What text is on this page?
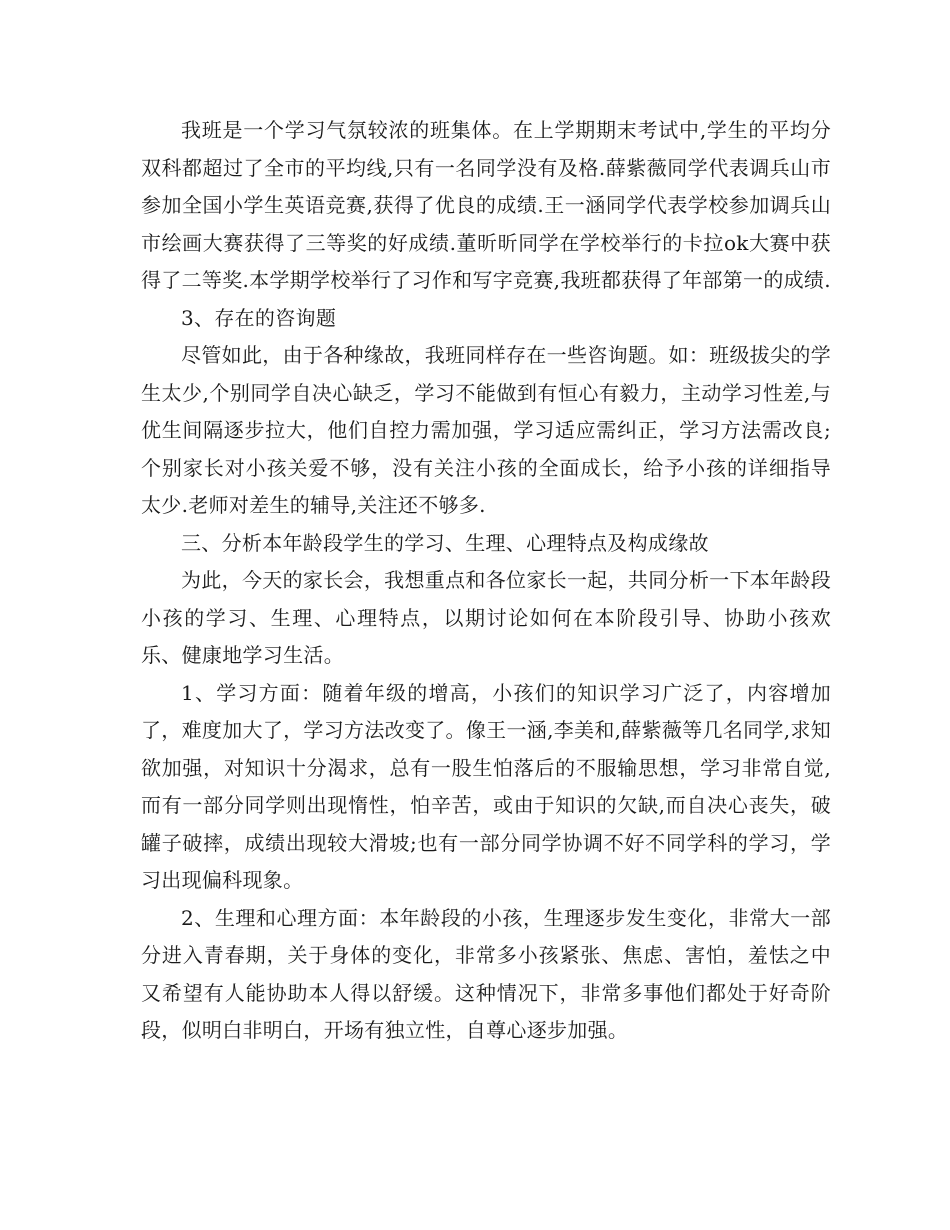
我班是一个学习气氛较浓的班集体。在上学期期末考试中,学生的平均分双科都超过了全市的平均线,只有一名同学没有及格.薛紫薇同学代表调兵山市参加全国小学生英语竞赛,获得了优良的成绩.王一涵同学代表学校参加调兵山市绘画大赛获得了三等奖的好成绩.董昕昕同学在学校举行的卡拉ok大赛中获得了二等奖.本学期学校举行了习作和写字竞赛,我班都获得了年部第一的成绩.

3、存在的咨询题

尽管如此，由于各种缘故，我班同样存在一些咨询题。如：班级拔尖的学生太少,个别同学自决心缺乏，学习不能做到有恒心有毅力，主动学习性差,与优生间隔逐步拉大，他们自控力需加强，学习适应需纠正，学习方法需改良;个别家长对小孩关爱不够，没有关注小孩的全面成长，给予小孩的详细指导太少.老师对差生的辅导,关注还不够多.

三、分析本年龄段学生的学习、生理、心理特点及构成缘故

为此，今天的家长会，我想重点和各位家长一起，共同分析一下本年龄段小孩的学习、生理、心理特点，以期讨论如何在本阶段引导、协助小孩欢乐、健康地学习生活。

1、学习方面：随着年级的增高，小孩们的知识学习广泛了，内容增加了，难度加大了，学习方法改变了。像王一涵,李美和,薛紫薇等几名同学,求知欲加强，对知识十分渴求，总有一股生怕落后的不服输思想，学习非常自觉,而有一部分同学则出现惰性，怕辛苦，或由于知识的欠缺,而自决心丧失，破罐子破摔，成绩出现较大滑坡;也有一部分同学协调不好不同学科的学习，学习出现偏科现象。

2、生理和心理方面：本年龄段的小孩，生理逐步发生变化，非常大一部分进入青春期，关于身体的变化，非常多小孩紧张、焦虑、害怕，羞怯之中又希望有人能协助本人得以舒缓。这种情况下，非常多事他们都处于好奇阶段，似明白非明白，开场有独立性，自尊心逐步加强。
